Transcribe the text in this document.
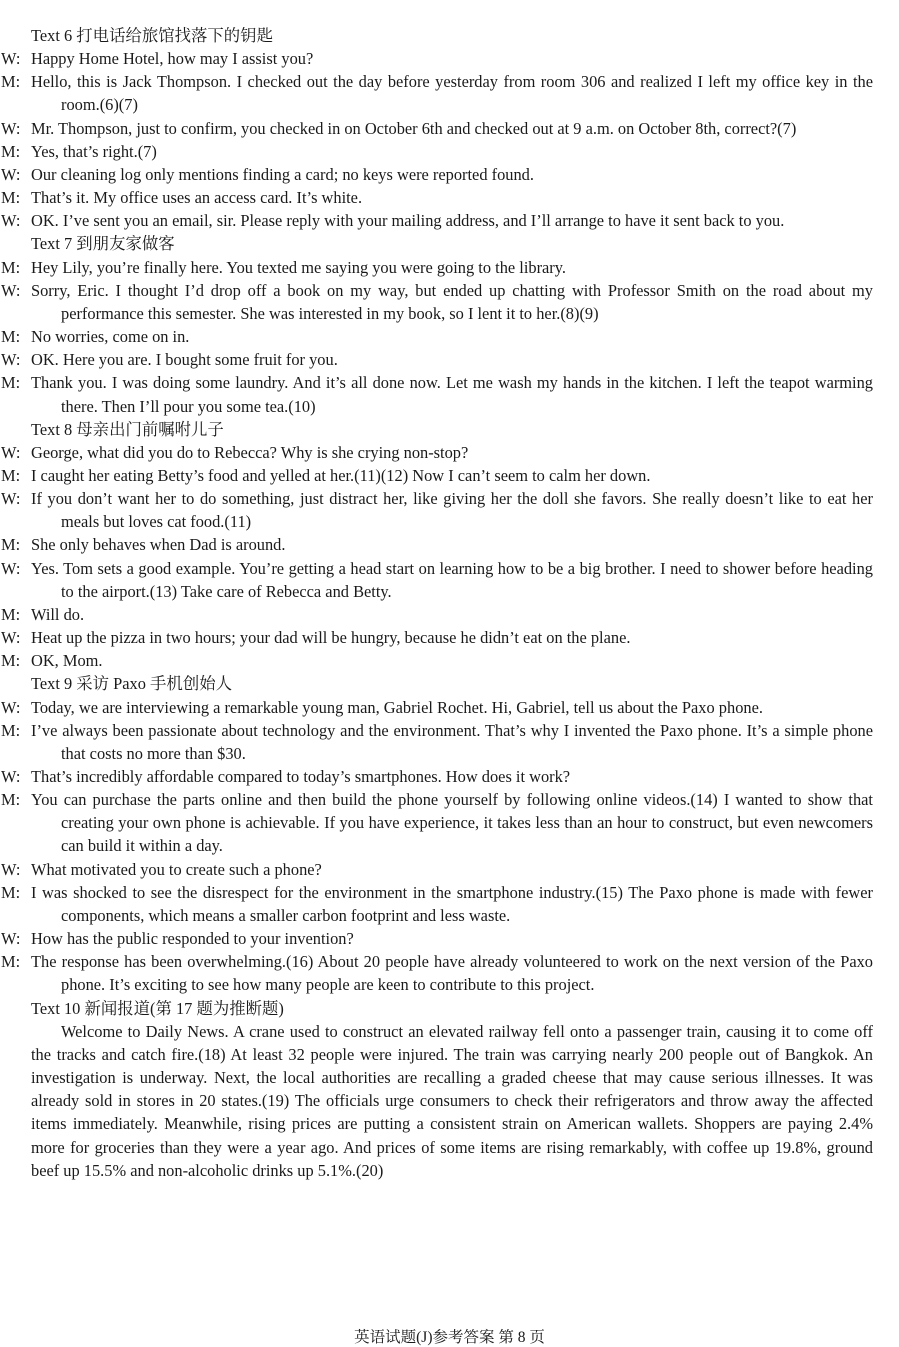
Text 6 打电话给旅馆找落下的钥匙

W: Happy Home Hotel, how may I assist you?

M: Hello, this is Jack Thompson. I checked out the day before yesterday from room 306 and realized I left my office key in the room.(6)(7)

W: Mr. Thompson, just to confirm, you checked in on October 6th and checked out at 9 a.m. on October 8th, correct?(7)

M: Yes, that’s right.(7)

W: Our cleaning log only mentions finding a card; no keys were reported found.

M: That’s it. My office uses an access card. It’s white.

W: OK. I’ve sent you an email, sir. Please reply with your mailing address, and I’ll arrange to have it sent back to you.

Text 7 到朋友家做客

M: Hey Lily, you’re finally here. You texted me saying you were going to the library.

W: Sorry, Eric. I thought I’d drop off a book on my way, but ended up chatting with Professor Smith on the road about my performance this semester. She was interested in my book, so I lent it to her.(8)(9)

M: No worries, come on in.

W: OK. Here you are. I bought some fruit for you.

M: Thank you. I was doing some laundry. And it’s all done now. Let me wash my hands in the kitchen. I left the teapot warming there. Then I’ll pour you some tea.(10)

Text 8 母亲出门前嘱咐儿子

W: George, what did you do to Rebecca? Why is she crying non-stop?

M: I caught her eating Betty’s food and yelled at her.(11)(12) Now I can’t seem to calm her down.

W: If you don’t want her to do something, just distract her, like giving her the doll she favors. She really doesn’t like to eat her meals but loves cat food.(11)

M: She only behaves when Dad is around.

W: Yes. Tom sets a good example. You’re getting a head start on learning how to be a big brother. I need to shower before heading to the airport.(13) Take care of Rebecca and Betty.

M: Will do.

W: Heat up the pizza in two hours; your dad will be hungry, because he didn’t eat on the plane.

M: OK, Mom.

Text 9 采访 Paxo 手机创始人

W: Today, we are interviewing a remarkable young man, Gabriel Rochet. Hi, Gabriel, tell us about the Paxo phone.

M: I’ve always been passionate about technology and the environment. That’s why I invented the Paxo phone. It’s a simple phone that costs no more than $30.

W: That’s incredibly affordable compared to today’s smartphones. How does it work?

M: You can purchase the parts online and then build the phone yourself by following online videos.(14) I wanted to show that creating your own phone is achievable. If you have experience, it takes less than an hour to construct, but even newcomers can build it within a day.

W: What motivated you to create such a phone?

M: I was shocked to see the disrespect for the environment in the smartphone industry.(15) The Paxo phone is made with fewer components, which means a smaller carbon footprint and less waste.

W: How has the public responded to your invention?

M: The response has been overwhelming.(16) About 20 people have already volunteered to work on the next version of the Paxo phone. It’s exciting to see how many people are keen to contribute to this project.

Text 10 新闻报道(第 17 题为推断题)

Welcome to Daily News. A crane used to construct an elevated railway fell onto a passenger train, causing it to come off the tracks and catch fire.(18) At least 32 people were injured. The train was carrying nearly 200 people out of Bangkok. An investigation is underway. Next, the local authorities are recalling a graded cheese that may cause serious illnesses. It was already sold in stores in 20 states.(19) The officials urge consumers to check their refrigerators and throw away the affected items immediately. Meanwhile, rising prices are putting a consistent strain on American wallets. Shoppers are paying 2.4% more for groceries than they were a year ago. And prices of some items are rising remarkably, with coffee up 19.8%, ground beef up 15.5% and non-alcoholic drinks up 5.1%.(20)

英语试题(J)参考答案 第 8 页
